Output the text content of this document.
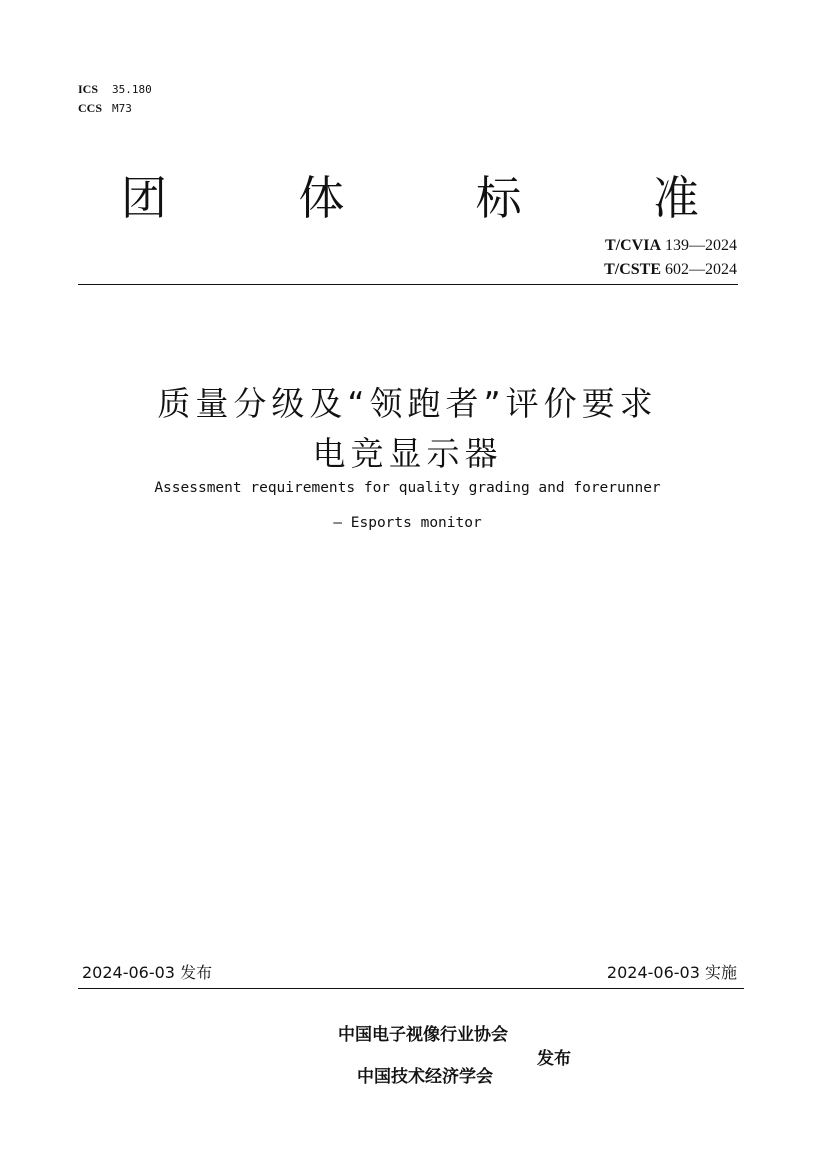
ICS 35.180
CCS M73
团	体	标	准
T/CVIA 139—2024
T/CSTE 602—2024
质量分级及“领跑者”评价要求
电竞显示器
Assessment requirements for quality grading and forerunner
— Esports monitor
2024-06-03 发布	2024-06-03 实施
中国电子视像行业协会
发布
中国技术经济学会
